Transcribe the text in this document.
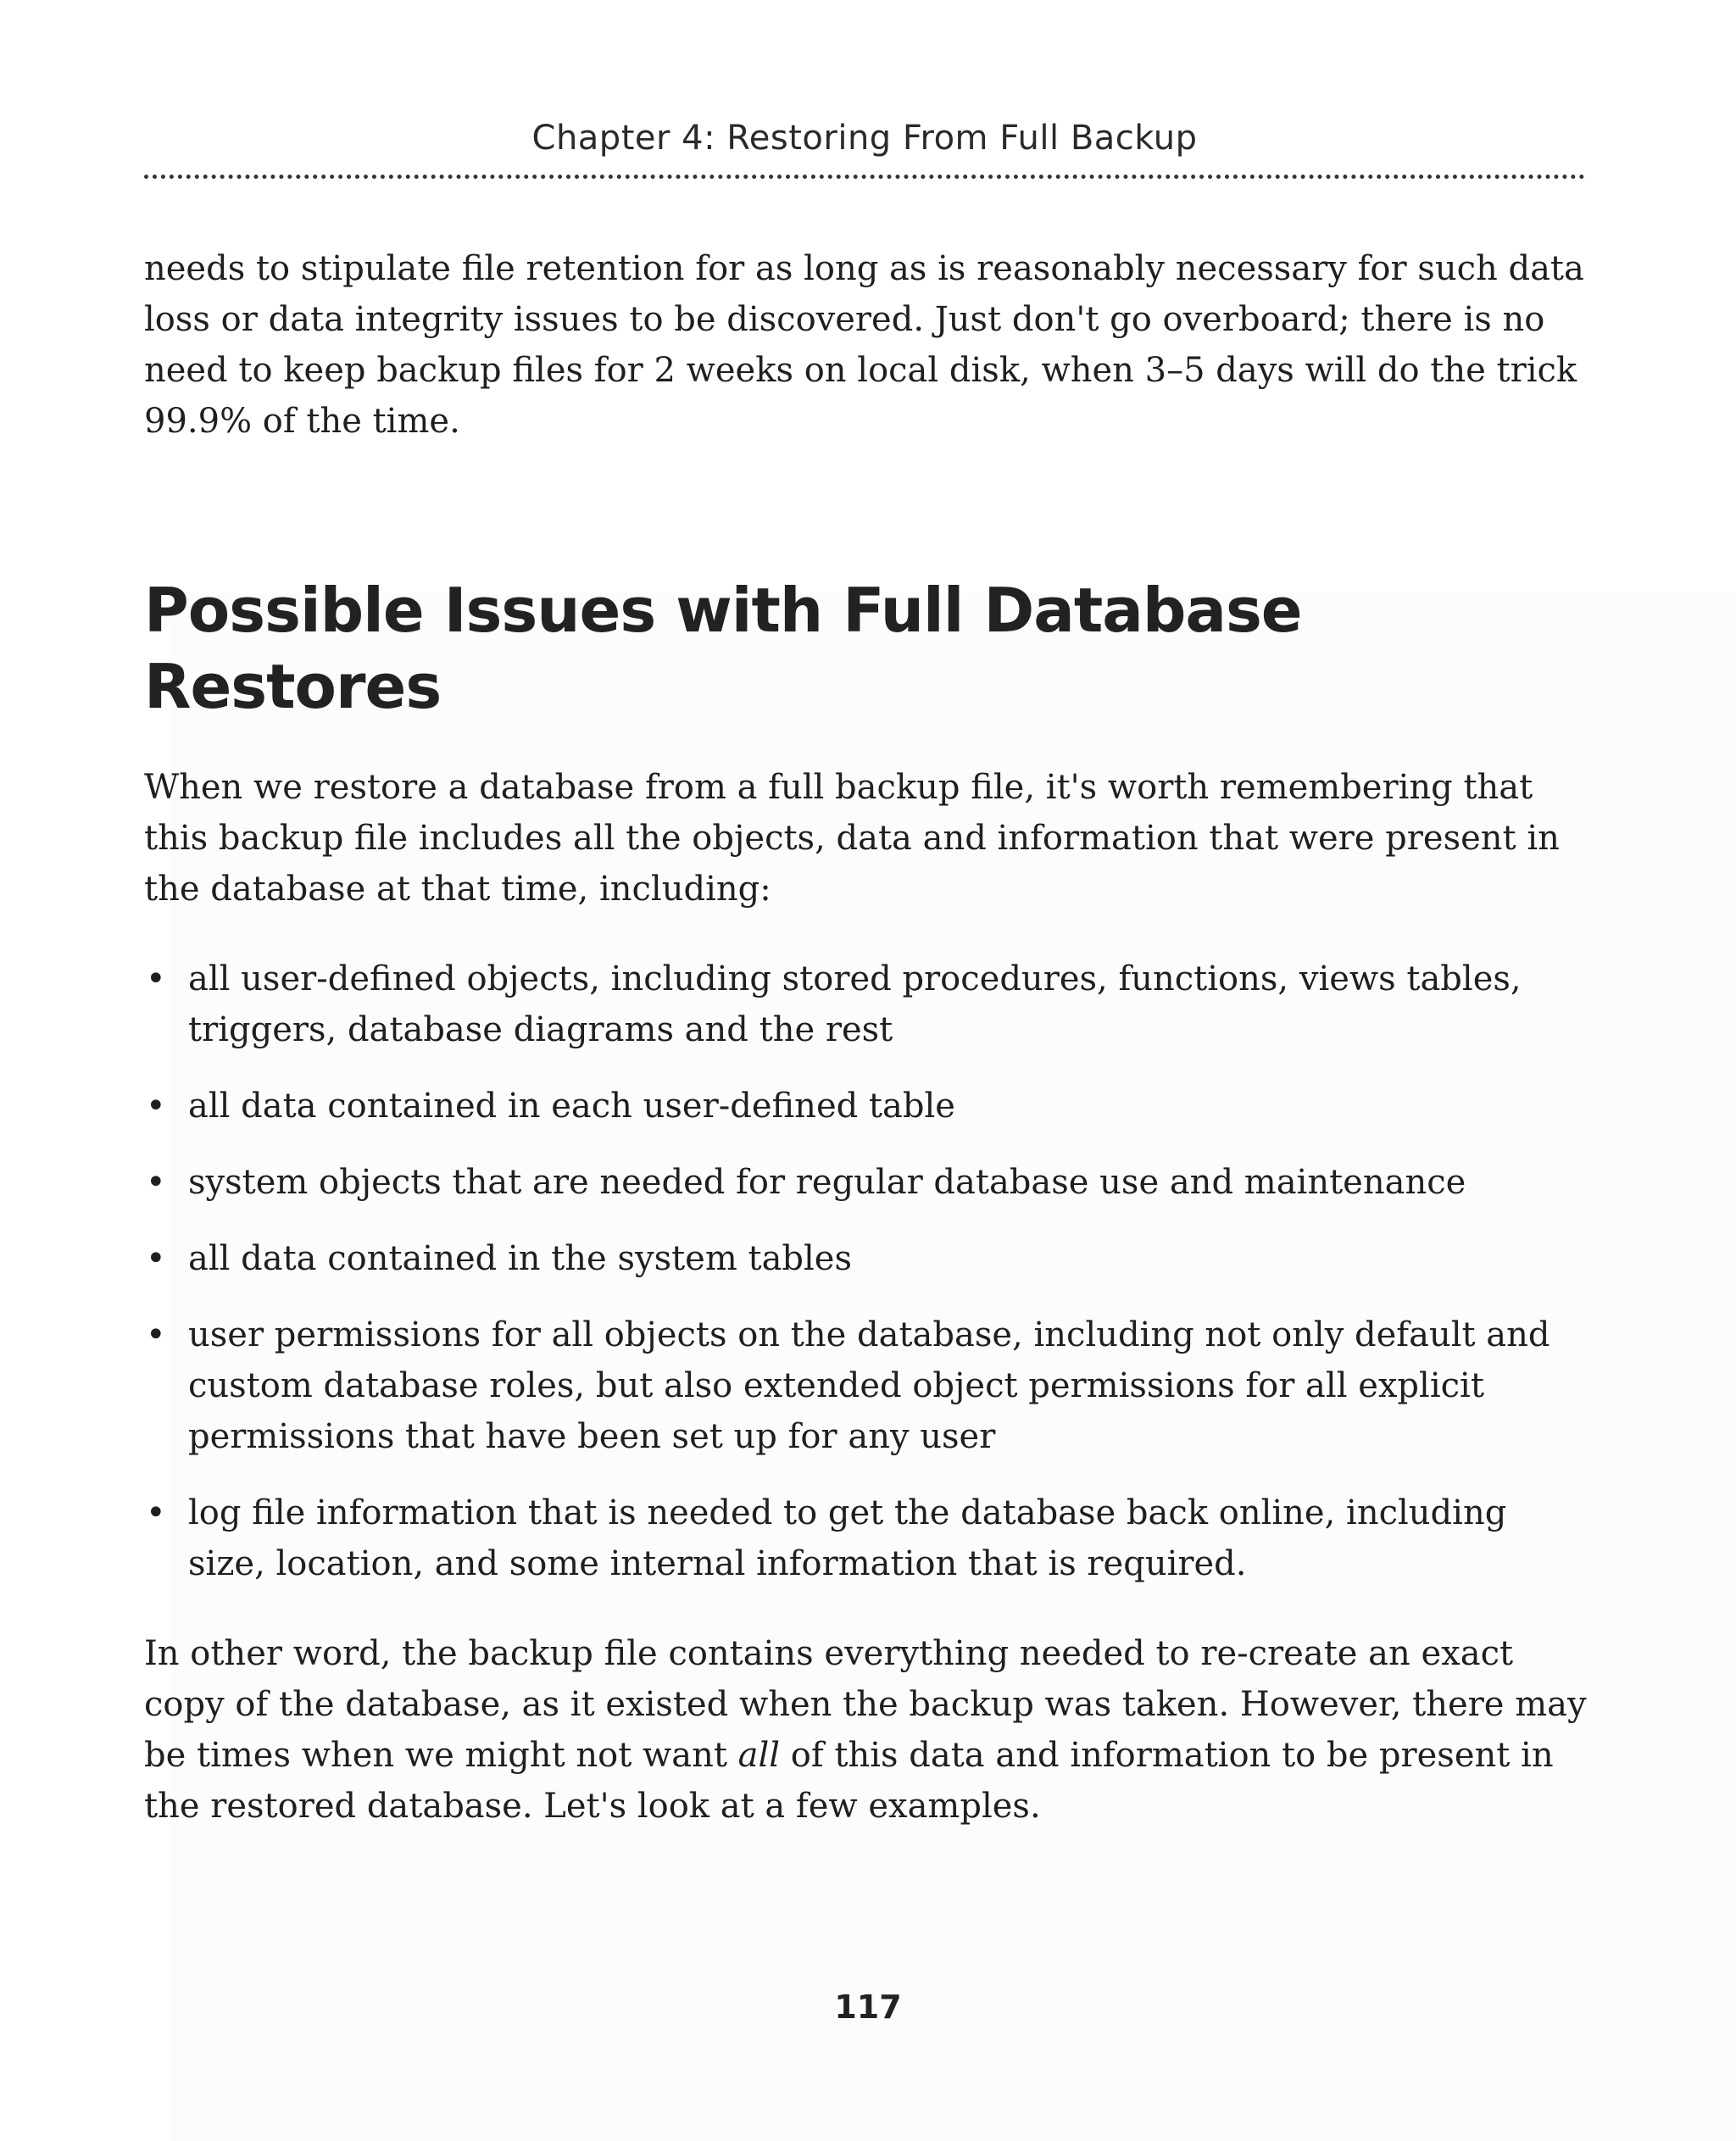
Chapter 4: Restoring From Full Backup

needs to stipulate file retention for as long as is reasonably necessary for such data loss or data integrity issues to be discovered. Just don't go overboard; there is no need to keep backup files for 2 weeks on local disk, when 3–5 days will do the trick 99.9% of the time.

Possible Issues with Full Database Restores

When we restore a database from a full backup file, it's worth remembering that this backup file includes all the objects, data and information that were present in the database at that time, including:

• all user-defined objects, including stored procedures, functions, views tables, triggers, database diagrams and the rest
• all data contained in each user-defined table
• system objects that are needed for regular database use and maintenance
• all data contained in the system tables
• user permissions for all objects on the database, including not only default and custom database roles, but also extended object permissions for all explicit permissions that have been set up for any user
• log file information that is needed to get the database back online, including size, location, and some internal information that is required.

In other word, the backup file contains everything needed to re-create an exact copy of the database, as it existed when the backup was taken. However, there may be times when we might not want all of this data and information to be present in the restored database. Let's look at a few examples.

117
